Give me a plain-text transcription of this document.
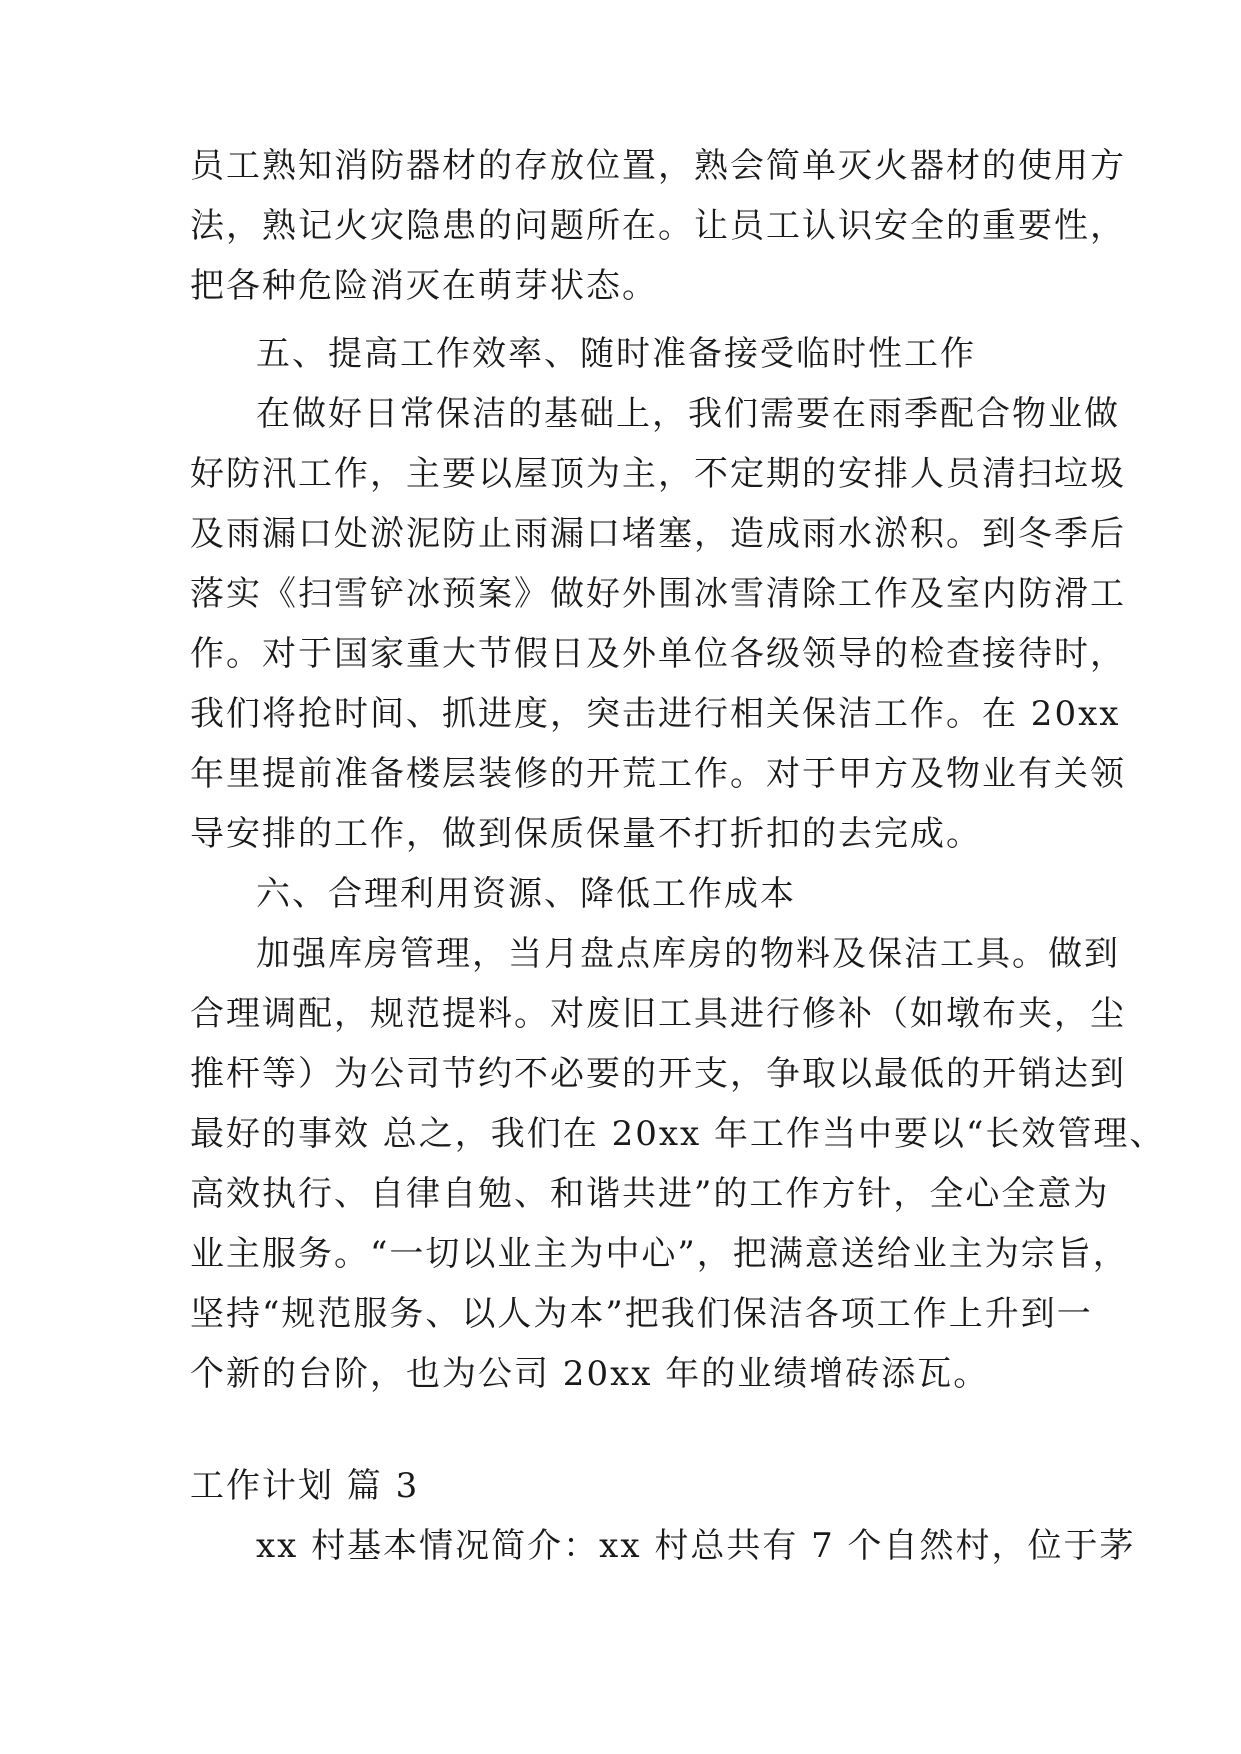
员工熟知消防器材的存放位置，熟会简单灭火器材的使用方
法，熟记火灾隐患的问题所在。让员工认识安全的重要性，
把各种危险消灭在萌芽状态。
五、提高工作效率、随时准备接受临时性工作
在做好日常保洁的基础上，我们需要在雨季配合物业做
好防汛工作，主要以屋顶为主，不定期的安排人员清扫垃圾
及雨漏口处淤泥防止雨漏口堵塞，造成雨水淤积。到冬季后
落实《扫雪铲冰预案》做好外围冰雪清除工作及室内防滑工
作。对于国家重大节假日及外单位各级领导的检查接待时，
我们将抢时间、抓进度，突击进行相关保洁工作。在 20xx
年里提前准备楼层装修的开荒工作。对于甲方及物业有关领
导安排的工作，做到保质保量不打折扣的去完成。
六、合理利用资源、降低工作成本
加强库房管理，当月盘点库房的物料及保洁工具。做到
合理调配，规范提料。对废旧工具进行修补（如墩布夹，尘
推杆等）为公司节约不必要的开支，争取以最低的开销达到
最好的事效 总之，我们在 20xx 年工作当中要以“长效管理、
高效执行、自律自勉、和谐共进”的工作方针，全心全意为
业主服务。“一切以业主为中心”，把满意送给业主为宗旨，
坚持“规范服务、以人为本”把我们保洁各项工作上升到一
个新的台阶，也为公司 20xx 年的业绩增砖添瓦。
工作计划 篇 3
xx 村基本情况简介：xx 村总共有 7 个自然村，位于茅
